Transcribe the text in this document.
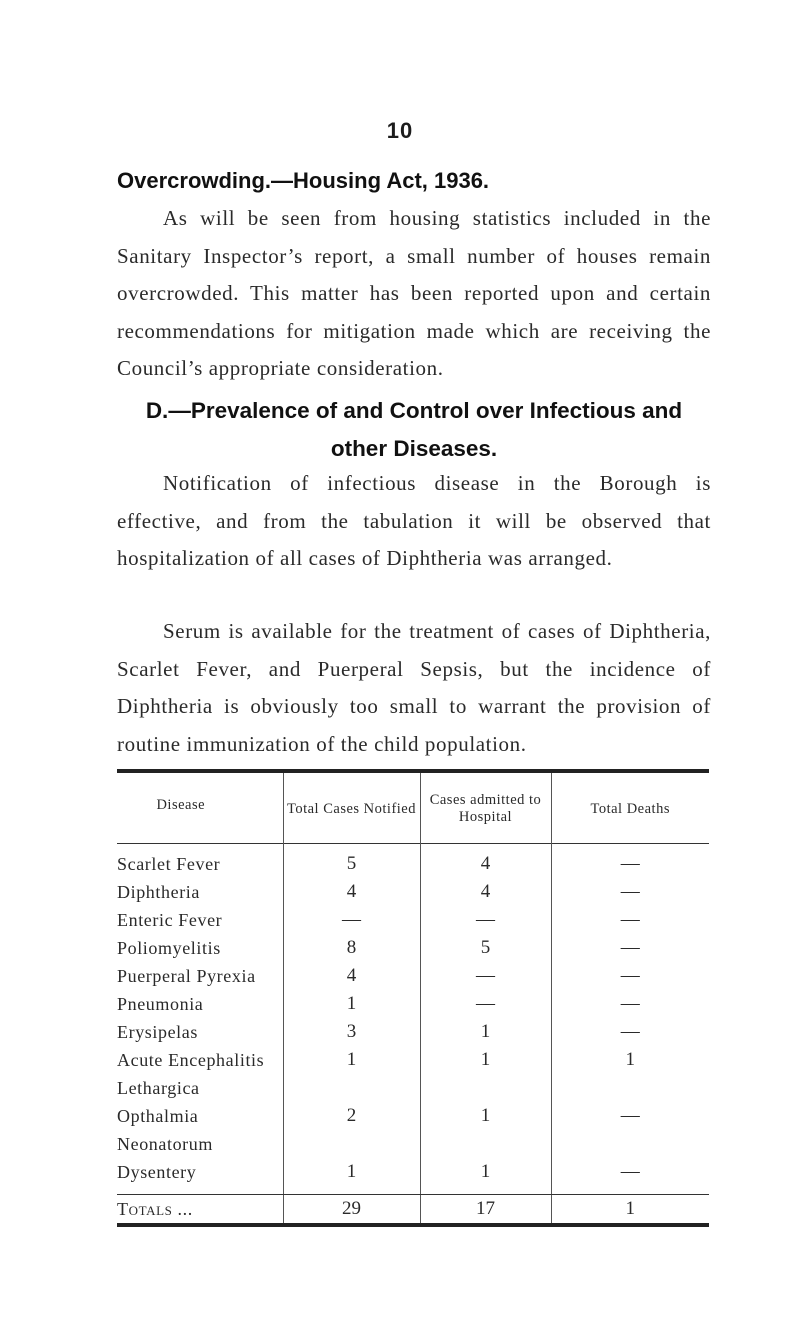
10
Overcrowding.—Housing Act, 1936.
As will be seen from housing statistics included in the Sanitary Inspector’s report, a small number of houses remain overcrowded. This matter has been reported upon and certain recommendations for mitigation made which are receiving the Council’s appropriate consideration.
D.—Prevalence of and Control over Infectious and other Diseases.
Notification of infectious disease in the Borough is effective, and from the tabulation it will be observed that hospitalization of all cases of Diphtheria was arranged.
Serum is available for the treatment of cases of Diphtheria, Scarlet Fever, and Puerperal Sepsis, but the incidence of Diphtheria is obviously too small to warrant the provision of routine immunization of the child population.
Disease	Total Cases Notified	Cases admitted to Hospital	Total Deaths

Scarlet Fever	5	4	—
Diphtheria	4	4	—
Enteric Fever	—	—	—
Poliomyelitis	8	5	—
Puerperal Pyrexia	4	—	—
Pneumonia	1	—	—
Erysipelas	3	1	—
Acute Encephalitis Lethargica	1	1	1
Opthalmia Neonatorum	2	1	—
Dysentery	1	1	—

Totals ...	29	17	1
